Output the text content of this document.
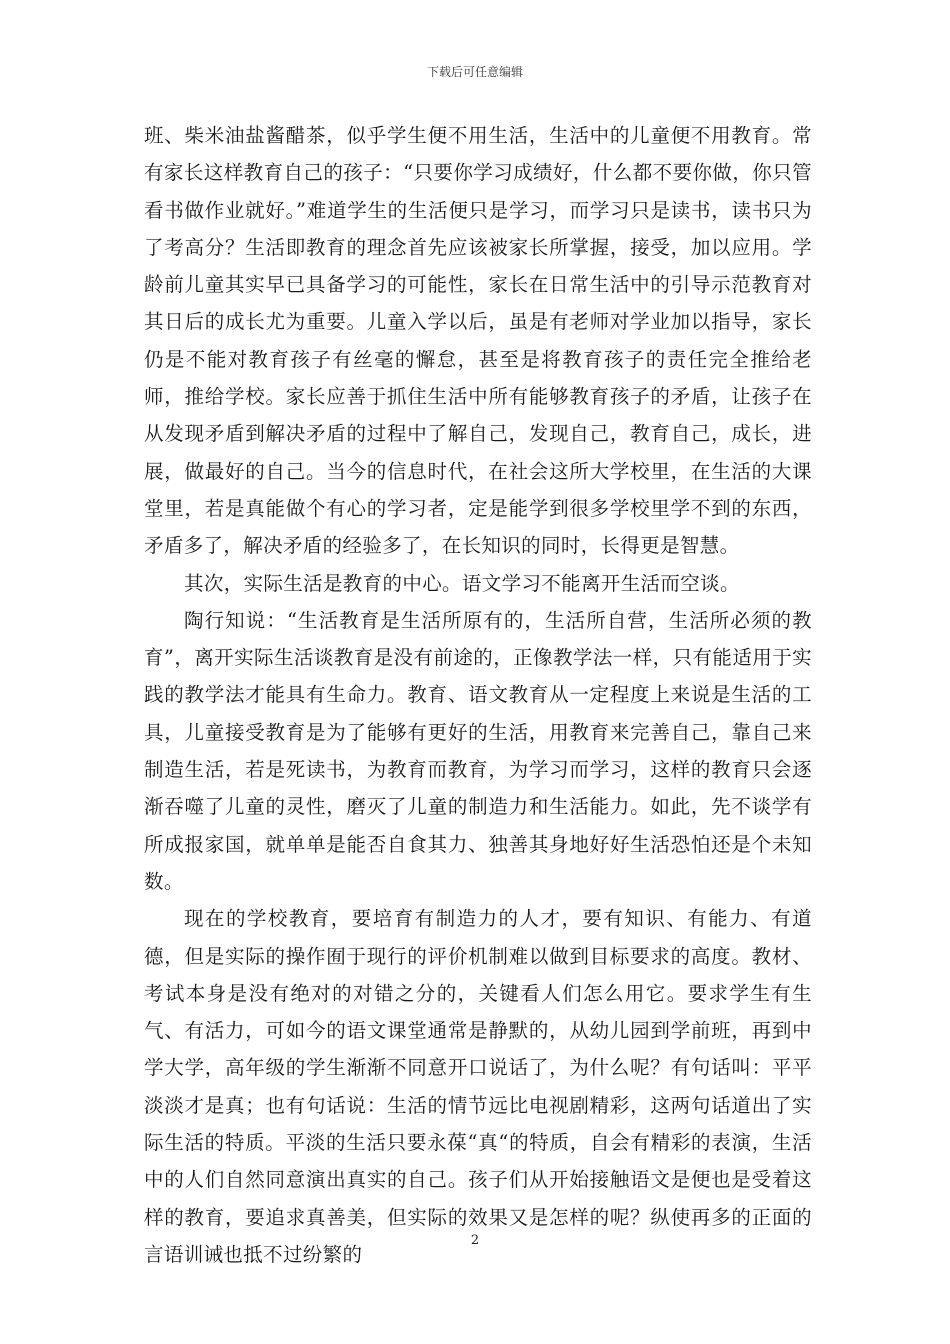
下载后可任意编辑

班、柴米油盐酱醋茶，似乎学生便不用生活，生活中的儿童便不用教育。常有家长这样教育自己的孩子：“只要你学习成绩好，什么都不要你做，你只管看书做作业就好。”难道学生的生活便只是学习，而学习只是读书，读书只为了考高分？生活即教育的理念首先应该被家长所掌握，接受，加以应用。学龄前儿童其实早已具备学习的可能性，家长在日常生活中的引导示范教育对其日后的成长尤为重要。儿童入学以后，虽是有老师对学业加以指导，家长仍是不能对教育孩子有丝毫的懈怠，甚至是将教育孩子的责任完全推给老师，推给学校。家长应善于抓住生活中所有能够教育孩子的矛盾，让孩子在从发现矛盾到解决矛盾的过程中了解自己，发现自己，教育自己，成长，进展，做最好的自己。当今的信息时代，在社会这所大学校里，在生活的大课堂里，若是真能做个有心的学习者，定是能学到很多学校里学不到的东西，矛盾多了，解决矛盾的经验多了，在长知识的同时，长得更是智慧。

其次，实际生活是教育的中心。语文学习不能离开生活而空谈。

陶行知说：“生活教育是生活所原有的，生活所自营，生活所必须的教育”，离开实际生活谈教育是没有前途的，正像教学法一样，只有能适用于实践的教学法才能具有生命力。教育、语文教育从一定程度上来说是生活的工具，儿童接受教育是为了能够有更好的生活，用教育来完善自己，靠自己来制造生活，若是死读书，为教育而教育，为学习而学习，这样的教育只会逐渐吞噬了儿童的灵性，磨灭了儿童的制造力和生活能力。如此，先不谈学有所成报家国，就单单是能否自食其力、独善其身地好好生活恐怕还是个未知数。

现在的学校教育，要培育有制造力的人才，要有知识、有能力、有道德，但是实际的操作囿于现行的评价机制难以做到目标要求的高度。教材、考试本身是没有绝对的对错之分的，关键看人们怎么用它。要求学生有生气、有活力，可如今的语文课堂通常是静默的，从幼儿园到学前班，再到中学大学，高年级的学生渐渐不同意开口说话了，为什么呢？有句话叫：平平淡淡才是真；也有句话说：生活的情节远比电视剧精彩，这两句话道出了实际生活的特质。平淡的生活只要永葆“真“的特质，自会有精彩的表演，生活中的人们自然同意演出真实的自己。孩子们从开始接触语文是便也是受着这样的教育，要追求真善美，但实际的效果又是怎样的呢？纵使再多的正面的言语训诫也抵不过纷繁的

2
